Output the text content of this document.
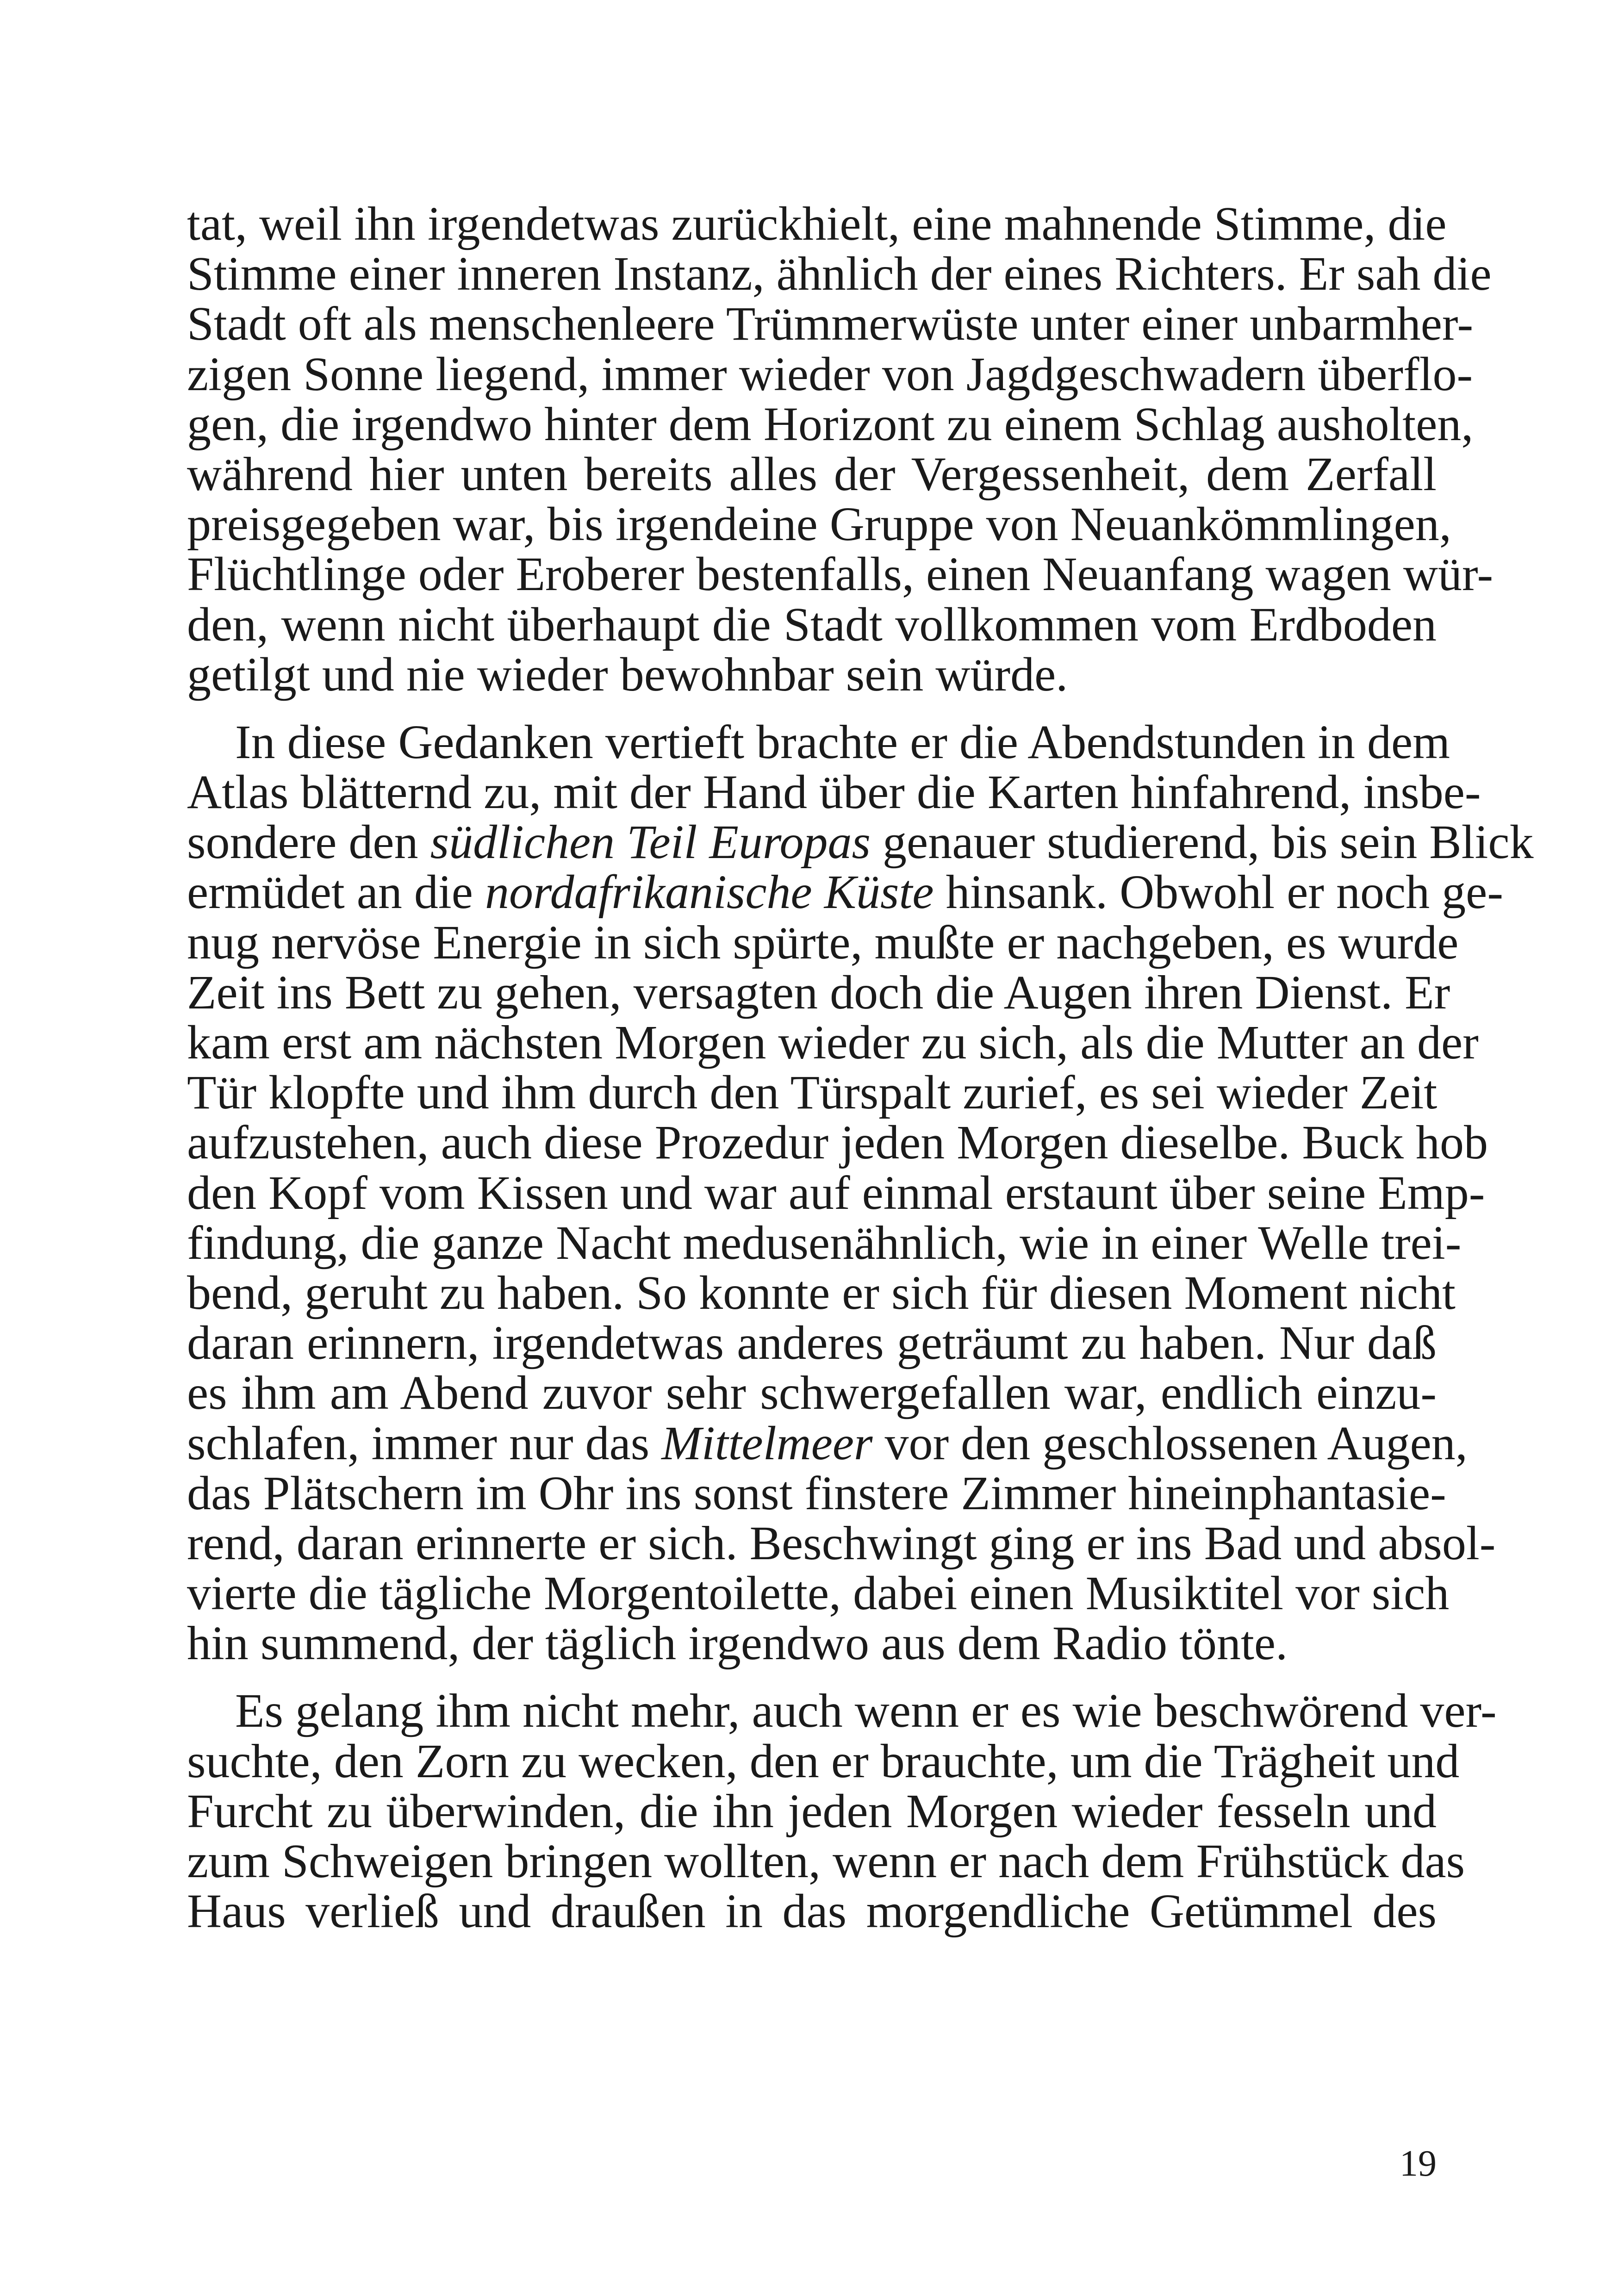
tat, weil ihn irgendetwas zurückhielt, eine mahnende Stimme, die
Stimme einer inneren Instanz, ähnlich der eines Richters. Er sah die
Stadt oft als menschenleere Trümmerwüste unter einer unbarmher-
zigen Sonne liegend, immer wieder von Jagdgeschwadern überflo-
gen, die irgendwo hinter dem Horizont zu einem Schlag ausholten,
während hier unten bereits alles der Vergessenheit, dem Zerfall
preisgegeben war, bis irgendeine Gruppe von Neuankömmlingen,
Flüchtlinge oder Eroberer bestenfalls, einen Neuanfang wagen wür-
den, wenn nicht überhaupt die Stadt vollkommen vom Erdboden
getilgt und nie wieder bewohnbar sein würde.
In diese Gedanken vertieft brachte er die Abendstunden in dem
Atlas blätternd zu, mit der Hand über die Karten hinfahrend, insbe-
sondere den südlichen Teil Europas genauer studierend, bis sein Blick
ermüdet an die nordafrikanische Küste hinsank. Obwohl er noch ge-
nug nervöse Energie in sich spürte, mußte er nachgeben, es wurde
Zeit ins Bett zu gehen, versagten doch die Augen ihren Dienst. Er
kam erst am nächsten Morgen wieder zu sich, als die Mutter an der
Tür klopfte und ihm durch den Türspalt zurief, es sei wieder Zeit
aufzustehen, auch diese Prozedur jeden Morgen dieselbe. Buck hob
den Kopf vom Kissen und war auf einmal erstaunt über seine Emp-
findung, die ganze Nacht medusenähnlich, wie in einer Welle trei-
bend, geruht zu haben. So konnte er sich für diesen Moment nicht
daran erinnern, irgendetwas anderes geträumt zu haben. Nur daß
es ihm am Abend zuvor sehr schwergefallen war, endlich einzu-
schlafen, immer nur das Mittelmeer vor den geschlossenen Augen,
das Plätschern im Ohr ins sonst finstere Zimmer hineinphantasie-
rend, daran erinnerte er sich. Beschwingt ging er ins Bad und absol-
vierte die tägliche Morgentoilette, dabei einen Musiktitel vor sich
hin summend, der täglich irgendwo aus dem Radio tönte.
Es gelang ihm nicht mehr, auch wenn er es wie beschwörend ver-
suchte, den Zorn zu wecken, den er brauchte, um die Trägheit und
Furcht zu überwinden, die ihn jeden Morgen wieder fesseln und
zum Schweigen bringen wollten, wenn er nach dem Frühstück das
Haus verließ und draußen in das morgendliche Getümmel des
19
